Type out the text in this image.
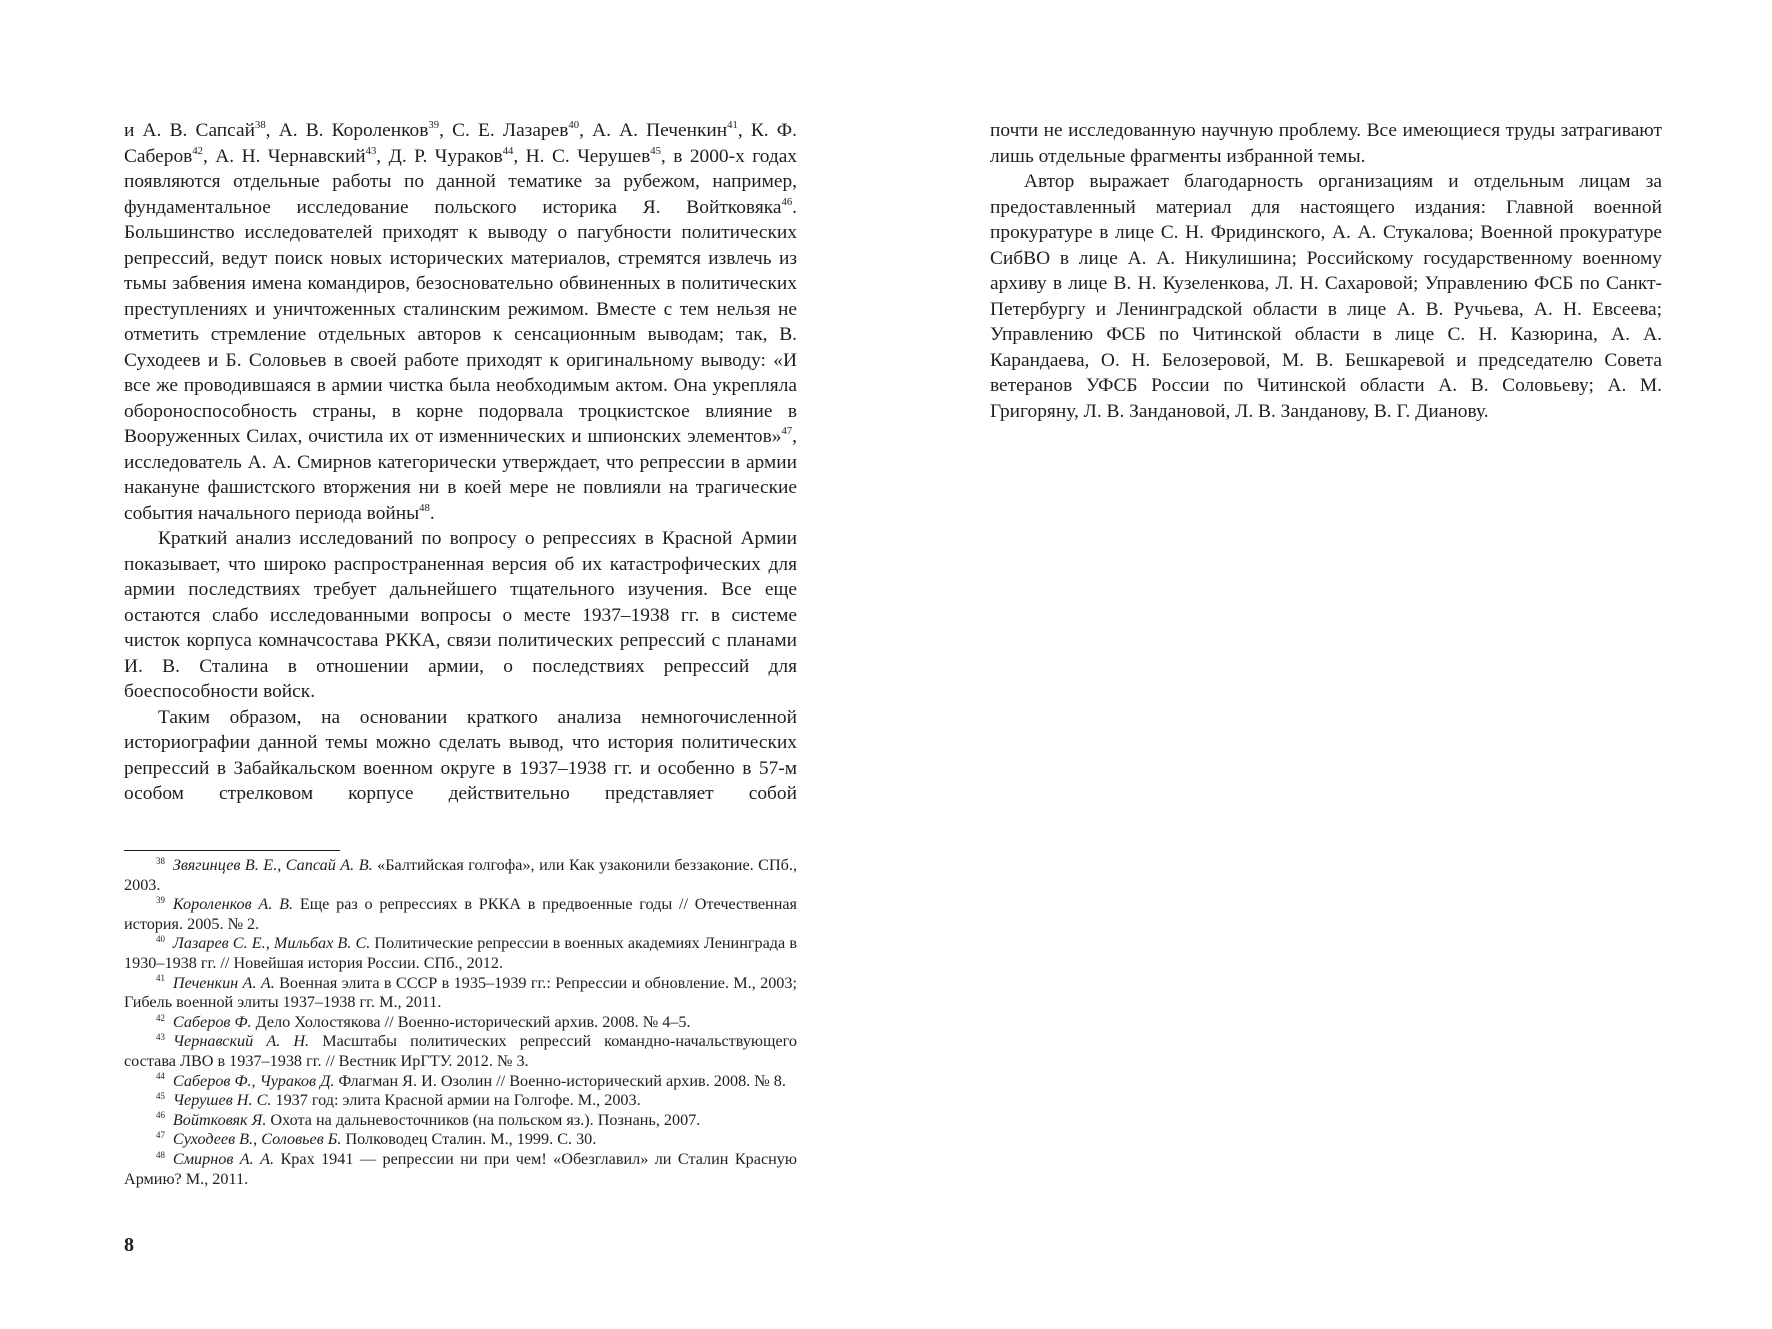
и А. В. Сапсай$^{38}$, А. В. Короленков$^{39}$, С. Е. Лазарев$^{40}$, А. А. Печенкин$^{41}$, К. Ф. Саберов$^{42}$, А. Н. Чернавский$^{43}$, Д. Р. Чураков$^{44}$, Н. С. Черушев$^{45}$, в 2000-х годах появляются отдельные работы по данной тематике за рубежом, например, фундаментальное исследование польского историка Я. Войтковяка$^{46}$. Большинство исследователей приходят к выводу о пагубности политических репрессий, ведут поиск новых исторических материалов, стремятся извлечь из тьмы забвения имена командиров, безосновательно обвиненных в политических преступлениях и уничтоженных сталинским режимом. Вместе с тем нельзя не отметить стремление отдельных авторов к сенсационным выводам; так, В. Суходеев и Б. Соловьев в своей работе приходят к оригинальному выводу: «И все же проводившаяся в армии чистка была необходимым актом. Она укрепляла обороноспособность страны, в корне подорвала троцкистское влияние в Вооруженных Силах, очистила их от изменнических и шпионских элементов»$^{47}$, исследователь А. А. Смирнов категорически утверждает, что репрессии в армии накануне фашистского вторжения ни в коей мере не повлияли на трагические события начального периода войны$^{48}$.

Краткий анализ исследований по вопросу о репрессиях в Красной Армии показывает, что широко распространенная версия об их катастрофических для армии последствиях требует дальнейшего тщательного изучения. Все еще остаются слабо исследованными вопросы о месте 1937–1938 гг. в системе чисток корпуса комначсостава РККА, связи политических репрессий с планами И. В. Сталина в отношении армии, о последствиях репрессий для боеспособности войск.

Таким образом, на основании краткого анализа немногочисленной историографии данной темы можно сделать вывод, что история политических репрессий в Забайкальском военном округе в 1937–1938 гг. и особенно в 57-м особом стрелковом корпусе действительно представляет собой

$^{38}$ Звягинцев В. Е., Сапсай А. В. «Балтийская голгофа», или Как узаконили беззаконие. СПб., 2003.

$^{39}$ Короленков А. В. Еще раз о репрессиях в РККА в предвоенные годы // Отечественная история. 2005. № 2.

$^{40}$ Лазарев С. Е., Мильбах В. С. Политические репрессии в военных академиях Ленинграда в 1930–1938 гг. // Новейшая история России. СПб., 2012.

$^{41}$ Печенкин А. А. Военная элита в СССР в 1935–1939 гг.: Репрессии и обновление. М., 2003; Гибель военной элиты 1937–1938 гг. М., 2011.

$^{42}$ Саберов Ф. Дело Холостякова // Военно-исторический архив. 2008. № 4–5.

$^{43}$ Чернавский А. Н. Масштабы политических репрессий командно-начальствующего состава ЛВО в 1937–1938 гг. // Вестник ИрГТУ. 2012. № 3.

$^{44}$ Саберов Ф., Чураков Д. Флагман Я. И. Озолин // Военно-исторический архив. 2008. № 8.

$^{45}$ Черушев Н. С. 1937 год: элита Красной армии на Голгофе. М., 2003.

$^{46}$ Войтковяк Я. Охота на дальневосточников (на польском яз.). Познань, 2007.

$^{47}$ Суходеев В., Соловьев Б. Полководец Сталин. М., 1999. С. 30.

$^{48}$ Смирнов А. А. Крах 1941 — репрессии ни при чем! «Обезглавил» ли Сталин Красную Армию? М., 2011.

8

почти не исследованную научную проблему. Все имеющиеся труды затрагивают лишь отдельные фрагменты избранной темы.

Автор выражает благодарность организациям и отдельным лицам за предоставленный материал для настоящего издания: Главной военной прокуратуре в лице С. Н. Фридинского, А. А. Стукалова; Военной прокуратуре СибВО в лице А. А. Никулишина; Российскому государственному военному архиву в лице В. Н. Кузеленкова, Л. Н. Сахаровой; Управлению ФСБ по Санкт-Петербургу и Ленинградской области в лице А. В. Ручьева, А. Н. Евсеева; Управлению ФСБ по Читинской области в лице С. Н. Казюрина, А. А. Карандаева, О. Н. Белозеровой, М. В. Бешкаревой и председателю Совета ветеранов УФСБ России по Читинской области А. В. Соловьеву; А. М. Григоряну, Л. В. Зандановой, Л. В. Занданову, В. Г. Дианову.
